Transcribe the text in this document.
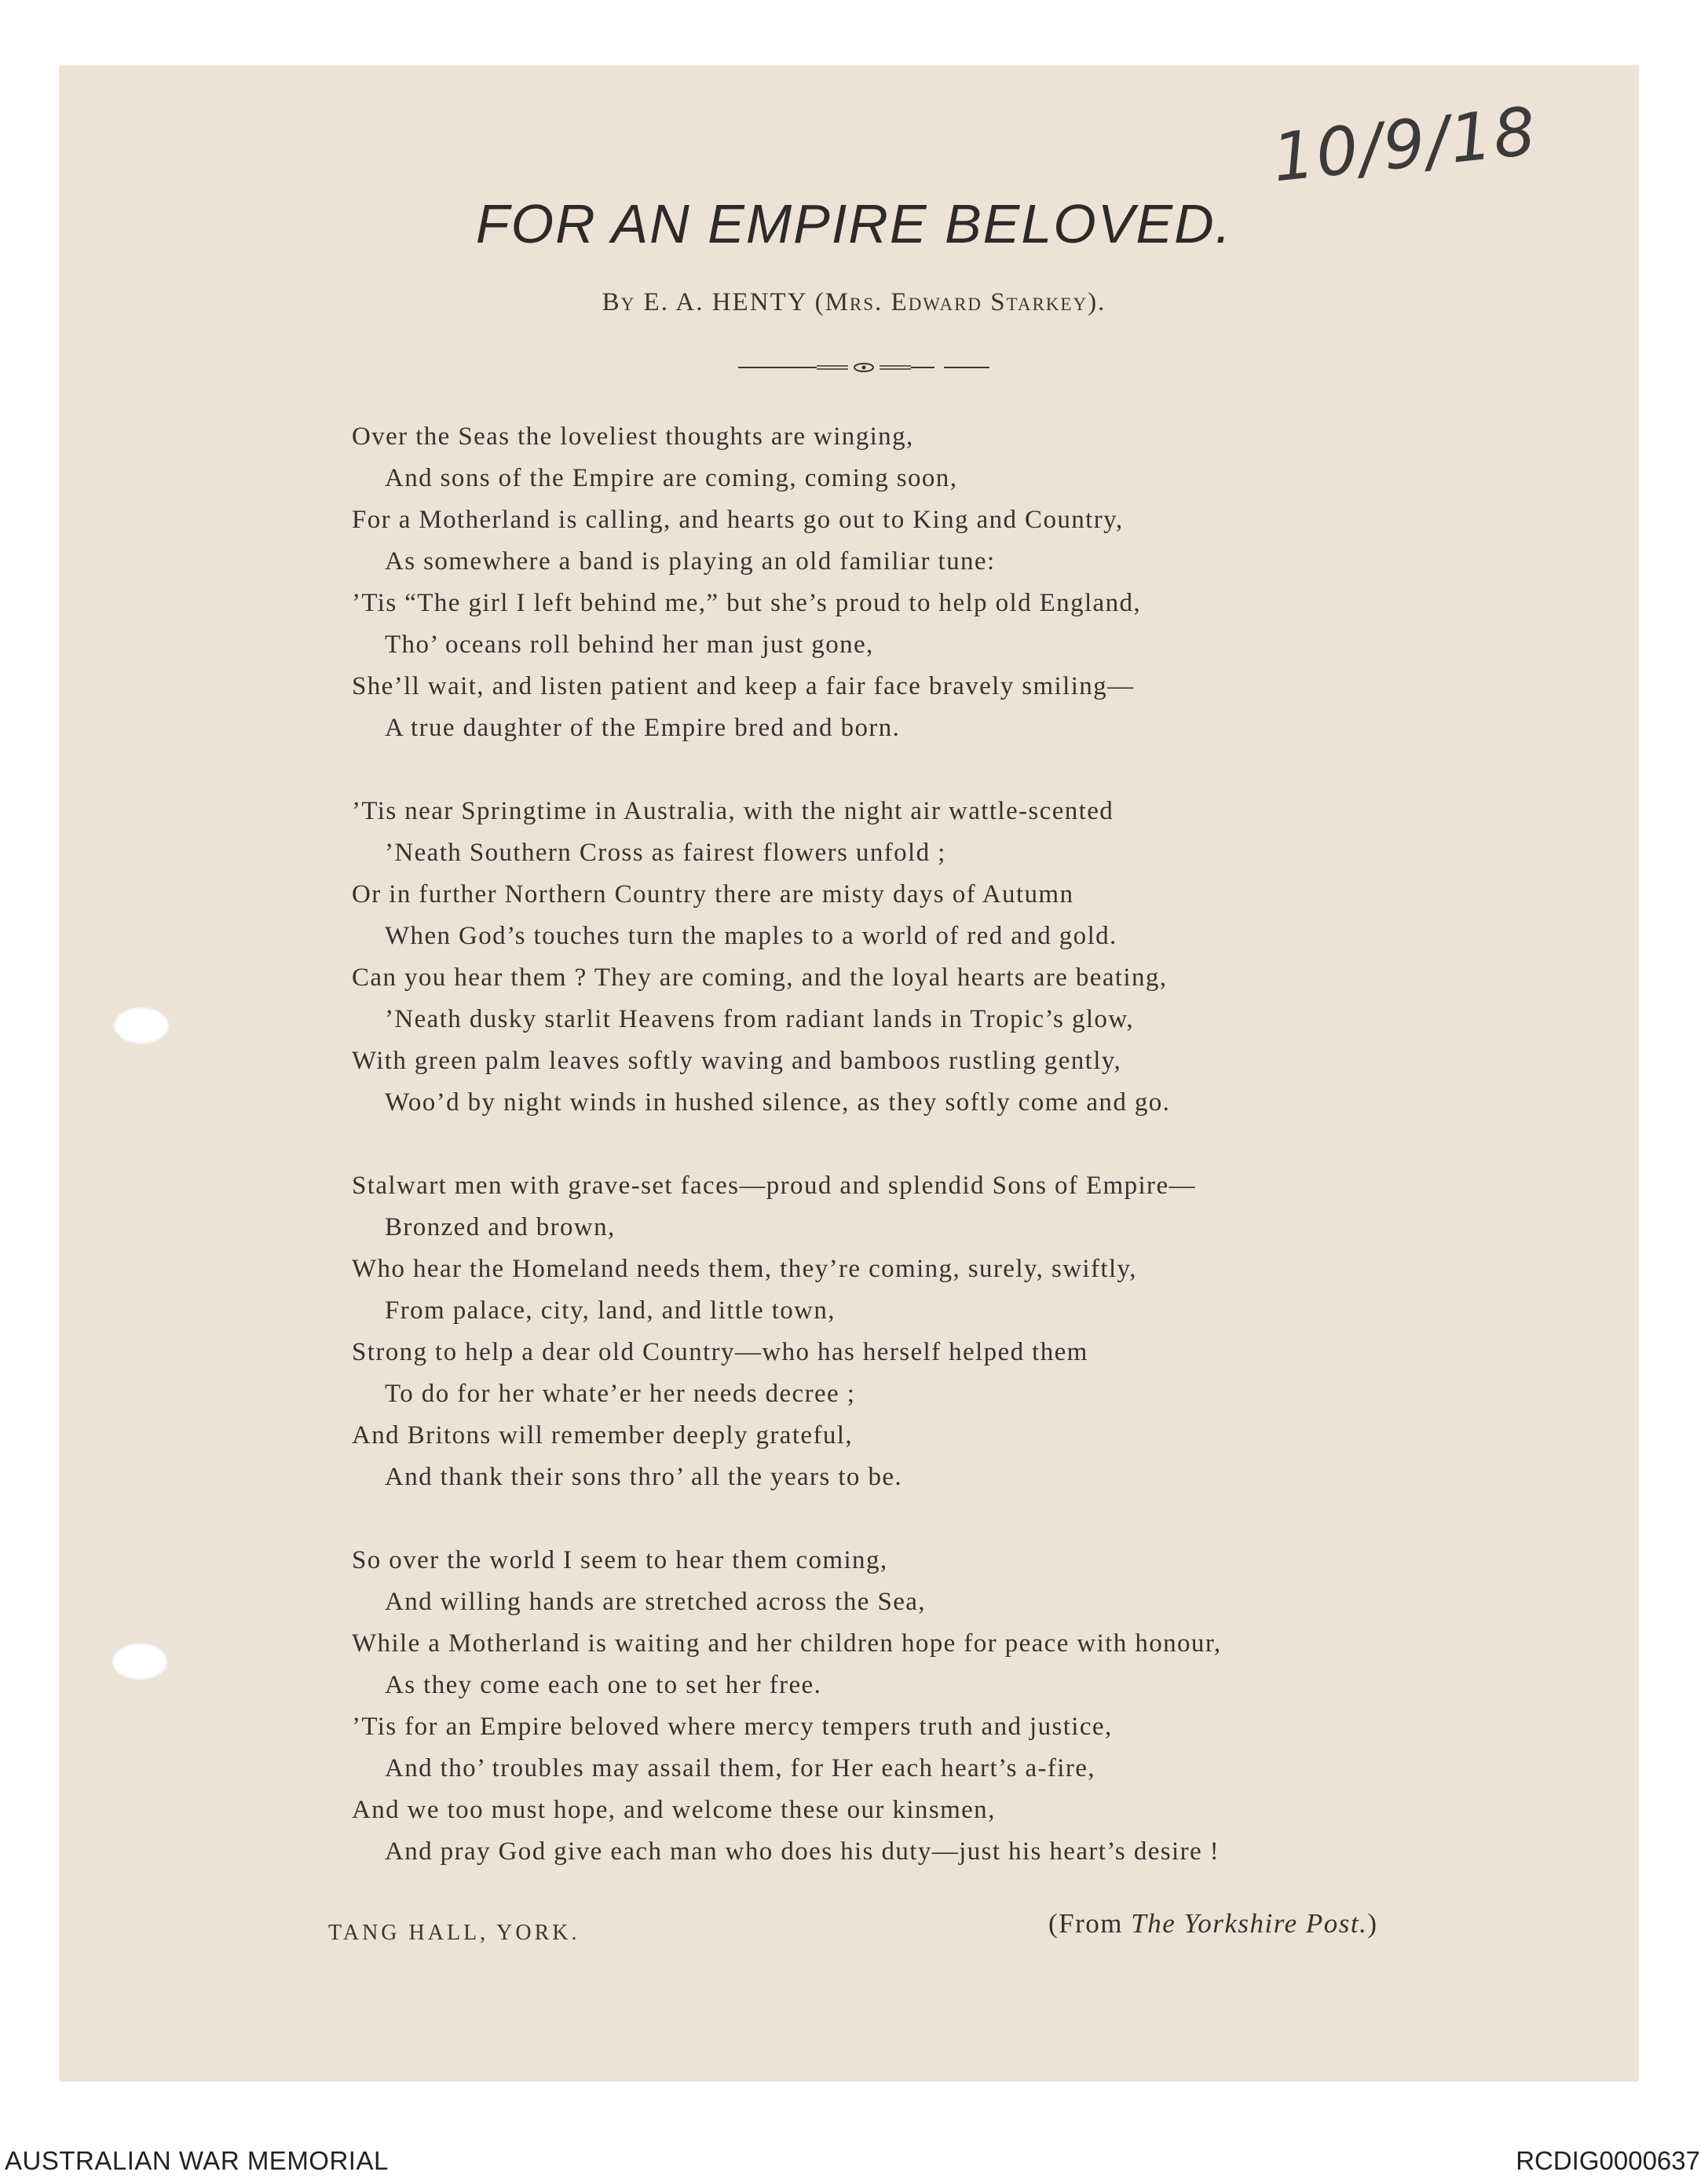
10/9/18
FOR AN EMPIRE BELOVED.
By E. A. HENTY (Mrs. Edward Starkey).
Over the Seas the loveliest thoughts are winging,
And sons of the Empire are coming, coming soon,
For a Motherland is calling, and hearts go out to King and Country,
As somewhere a band is playing an old familiar tune:
’Tis “The girl I left behind me,” but she’s proud to help old England,
Tho’ oceans roll behind her man just gone,
She’ll wait, and listen patient and keep a fair face bravely smiling—
A true daughter of the Empire bred and born.
’Tis near Springtime in Australia, with the night air wattle-scented
’Neath Southern Cross as fairest flowers unfold ;
Or in further Northern Country there are misty days of Autumn
When God’s touches turn the maples to a world of red and gold.
Can you hear them ? They are coming, and the loyal hearts are beating,
’Neath dusky starlit Heavens from radiant lands in Tropic’s glow,
With green palm leaves softly waving and bamboos rustling gently,
Woo’d by night winds in hushed silence, as they softly come and go.
Stalwart men with grave-set faces—proud and splendid Sons of Empire—
Bronzed and brown,
Who hear the Homeland needs them, they’re coming, surely, swiftly,
From palace, city, land, and little town,
Strong to help a dear old Country—who has herself helped them
To do for her whate’er her needs decree ;
And Britons will remember deeply grateful,
And thank their sons thro’ all the years to be.
So over the world I seem to hear them coming,
And willing hands are stretched across the Sea,
While a Motherland is waiting and her children hope for peace with honour,
As they come each one to set her free.
’Tis for an Empire beloved where mercy tempers truth and justice,
And tho’ troubles may assail them, for Her each heart’s a-fire,
And we too must hope, and welcome these our kinsmen,
And pray God give each man who does his duty—just his heart’s desire !
TANG HALL, YORK.	(From The Yorkshire Post.)
AUSTRALIAN WAR MEMORIAL	RCDIG0000637
